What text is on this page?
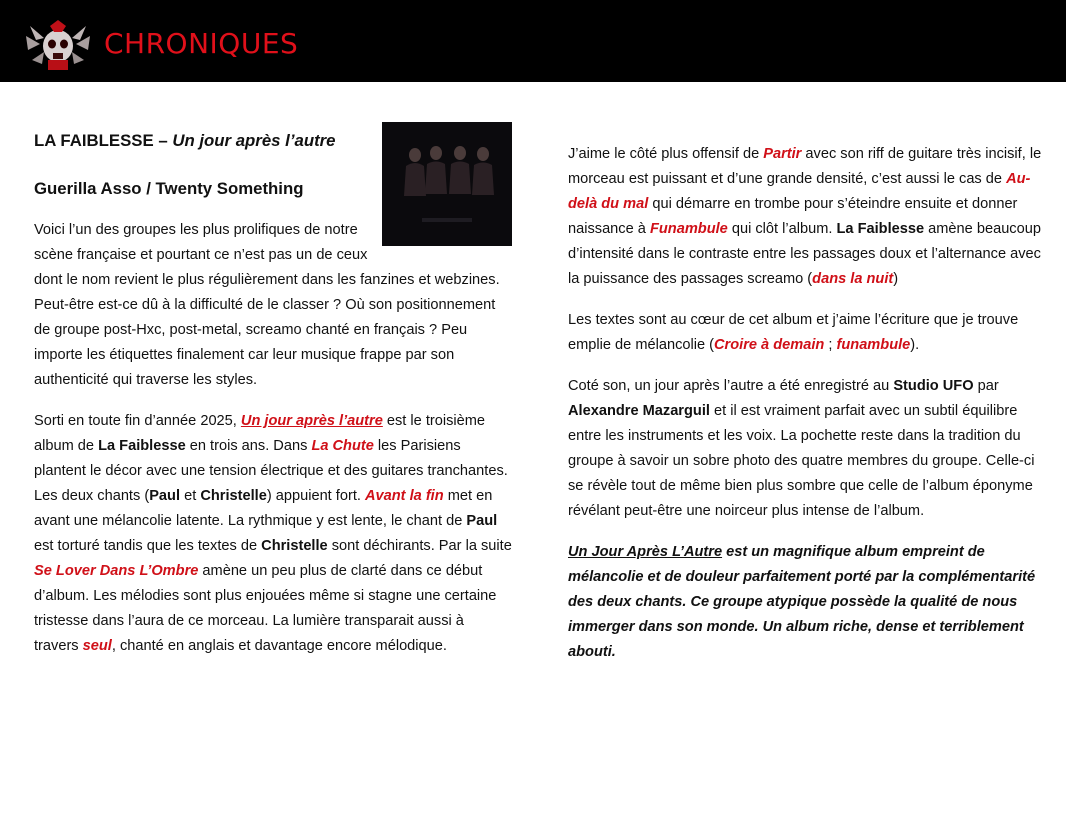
CHRONIQUES
LA FAIBLESSE – Un jour après l’autre
Guerilla Asso / Twenty Something

Voici l’un des groupes les plus prolifiques de notre scène française et pourtant ce n’est pas un de ceux dont le nom revient le plus régulièrement dans les fanzines et webzines. Peut-être est-ce dû à la difficulté de le classer ? Où son positionnement de groupe post-Hxc, post-metal, screamo chanté en français ? Peu importe les étiquettes finalement car leur musique frappe par son authenticité qui traverse les styles.

Sorti en toute fin d’année 2025, Un jour après l’autre est le troisième album de La Faiblesse en trois ans. Dans La Chute les Parisiens plantent le décor avec une tension électrique et des guitares tranchantes. Les deux chants (Paul et Christelle) appuient fort. Avant la fin met en avant une mélancolie latente. La rythmique y est lente, le chant de Paul est torturé tandis que les textes de Christelle sont déchirants. Par la suite Se Lover Dans L’Ombre amène un peu plus de clarté dans ce début d’album. Les mélodies sont plus enjouées même si stagne une certaine tristesse dans l’aura de ce morceau. La lumière transparait aussi à travers seul, chanté en anglais et davantage encore mélodique.

J’aime le côté plus offensif de Partir avec son riff de guitare très incisif, le morceau est puissant et d’une grande densité, c’est aussi le cas de Au-delà du mal qui démarre en trombe pour s’éteindre ensuite et donner naissance à Funambule qui clôt l’album. La Faiblesse amène beaucoup d’intensité dans le contraste entre les passages doux et l’alternance avec la puissance des passages screamo (dans la nuit)

Les textes sont au cœur de cet album et j’aime l’écriture que je trouve emplie de mélancolie (Croire à demain ; funambule).

Coté son, un jour après l’autre a été enregistré au Studio UFO par Alexandre Mazarguil et il est vraiment parfait avec un subtil équilibre entre les instruments et les voix. La pochette reste dans la tradition du groupe à savoir un sobre photo des quatre membres du groupe. Celle-ci se révèle tout de même bien plus sombre que celle de l’album éponyme révélant peut-être une noirceur plus intense de l’album.

Un Jour Après L’Autre est un magnifique album empreint de mélancolie et de douleur parfaitement porté par la complémentarité des deux chants. Ce groupe atypique possède la qualité de nous immerger dans son monde. Un album riche, dense et terriblement abouti.
